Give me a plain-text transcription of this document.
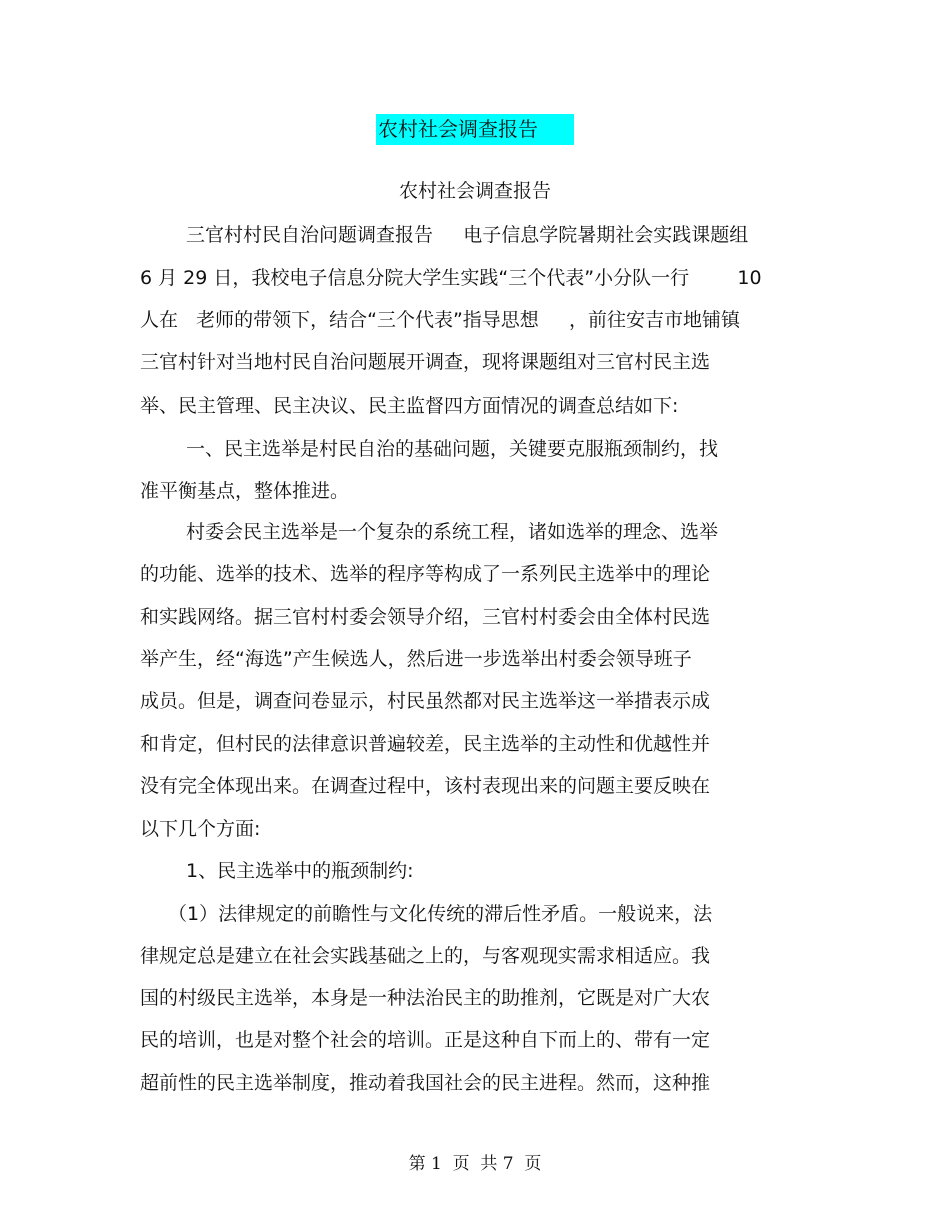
农村社会调查报告
农村社会调查报告
三官村村民自治问题调查报告     电子信息学院暑期社会实践课题组
6 月 29 日，我校电子信息分院大学生实践“三个代表”小分队一行        10
人在   老师的带领下，结合“三个代表”指导思想     ，前往安吉市地铺镇
三官村针对当地村民自治问题展开调查，现将课题组对三官村民主选
举、民主管理、民主决议、民主监督四方面情况的调查总结如下:
一、民主选举是村民自治的基础问题，关键要克服瓶颈制约，找
准平衡基点，整体推进。
村委会民主选举是一个复杂的系统工程，诸如选举的理念、选举
的功能、选举的技术、选举的程序等构成了一系列民主选举中的理论
和实践网络。据三官村村委会领导介绍，三官村村委会由全体村民选
举产生，经“海选”产生候选人，然后进一步选举出村委会领导班子
成员。但是，调查问卷显示，村民虽然都对民主选举这一举措表示成
和肯定，但村民的法律意识普遍较差，民主选举的主动性和优越性并
没有完全体现出来。在调查过程中，该村表现出来的问题主要反映在
以下几个方面:
1、民主选举中的瓶颈制约:
（1）法律规定的前瞻性与文化传统的滞后性矛盾。一般说来，法
律规定总是建立在社会实践基础之上的，与客观现实需求相适应。我
国的村级民主选举，本身是一种法治民主的助推剂，它既是对广大农
民的培训，也是对整个社会的培训。正是这种自下而上的、带有一定
超前性的民主选举制度，推动着我国社会的民主进程。然而，这种推
第 1  页  共 7  页
